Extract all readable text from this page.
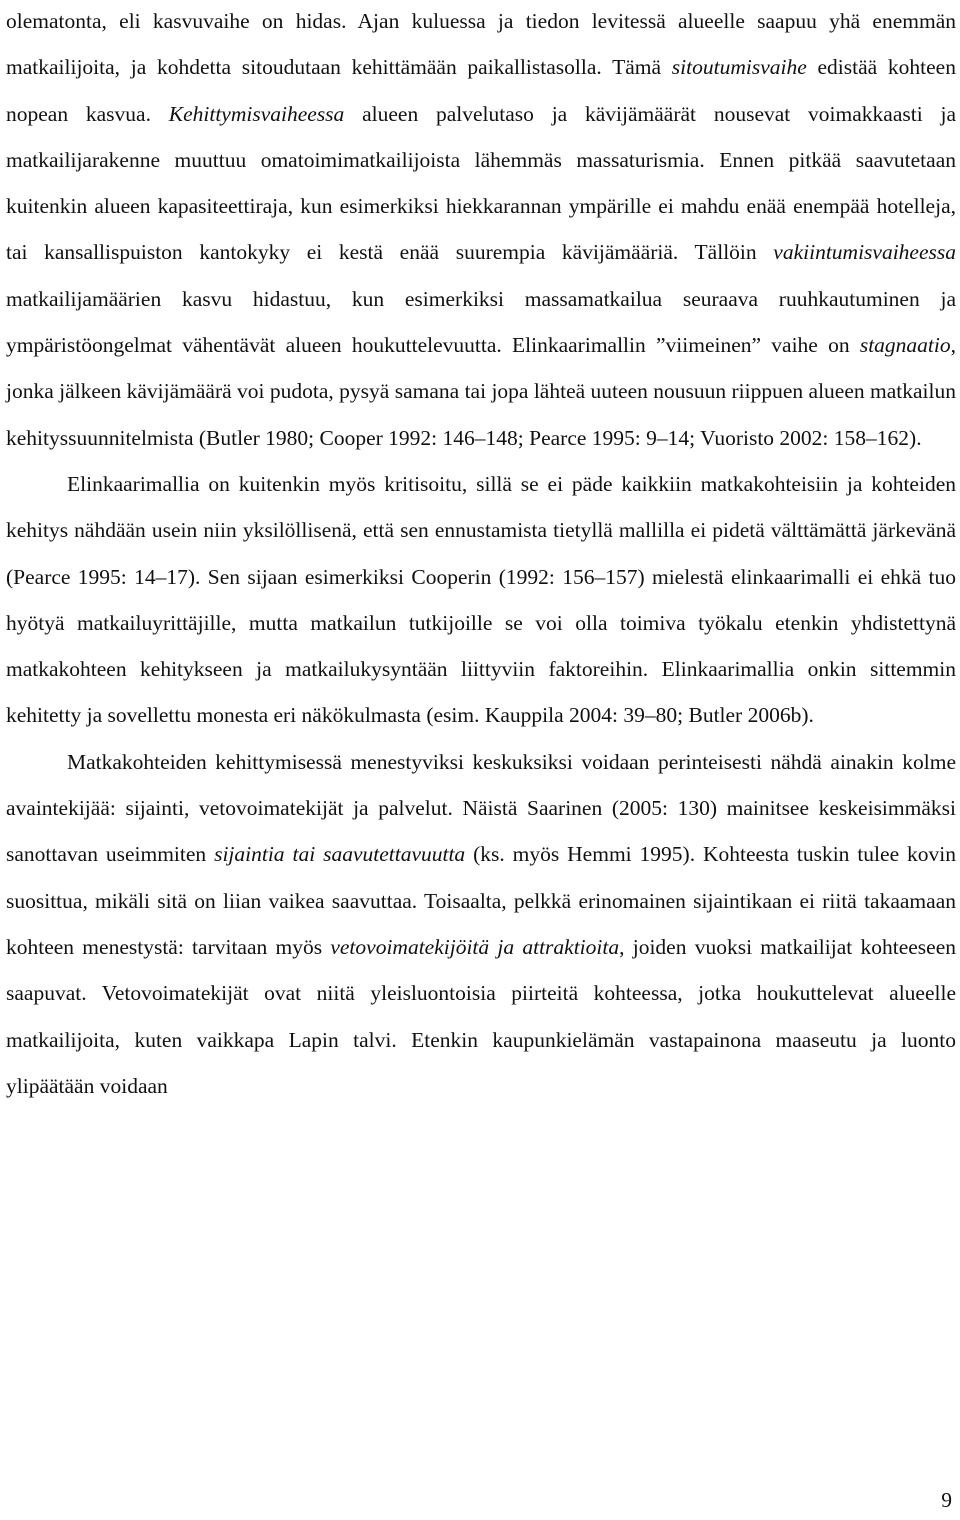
olematonta, eli kasvuvaihe on hidas. Ajan kuluessa ja tiedon levitessä alueelle saapuu yhä enemmän matkailijoita, ja kohdetta sitoudutaan kehittämään paikallistasolla. Tämä sitoutumisvaihe edistää kohteen nopean kasvua. Kehittymisvaiheessa alueen palvelutaso ja kävijämäärät nousevat voimakkaasti ja matkailijarakenne muuttuu omatoimimatkailijoista lähemmäs massaturismia. Ennen pitkää saavutetaan kuitenkin alueen kapasiteettiraja, kun esimerkiksi hiekkarannan ympärille ei mahdu enää enempää hotelleja, tai kansallispuiston kantokyky ei kestä enää suurempia kävijämääriä. Tällöin vakiintumisvaiheessa matkailijamäärien kasvu hidastuu, kun esimerkiksi massamatkailua seuraava ruuhkautuminen ja ympäristöongelmat vähentävät alueen houkuttelevuutta. Elinkaarimallin ”viimeinen” vaihe on stagnaatio, jonka jälkeen kävijämäärä voi pudota, pysyä samana tai jopa lähteä uuteen nousuun riippuen alueen matkailun kehityssuunnitelmista (Butler 1980; Cooper 1992: 146–148; Pearce 1995: 9–14; Vuoristo 2002: 158–162).

Elinkaarimallia on kuitenkin myös kritisoitu, sillä se ei päde kaikkiin matkakohteisiin ja kohteiden kehitys nähdään usein niin yksilöllisenä, että sen ennustamista tietyllä mallilla ei pidetä välttämättä järkevänä (Pearce 1995: 14–17). Sen sijaan esimerkiksi Cooperin (1992: 156–157) mielestä elinkaarimalli ei ehkä tuo hyötyä matkailuyrittäjille, mutta matkailun tutkijoille se voi olla toimiva työkalu etenkin yhdistettynä matkakohteen kehitykseen ja matkailukysyntään liittyviin faktoreihin. Elinkaarimallia onkin sittemmin kehitetty ja sovellettu monesta eri näkökulmasta (esim. Kauppila 2004: 39–80; Butler 2006b).

Matkakohteiden kehittymisessä menestyviksi keskuksiksi voidaan perinteisesti nähdä ainakin kolme avaintekijää: sijainti, vetovoimatekijät ja palvelut. Näistä Saarinen (2005: 130) mainitsee keskeisimmäksi sanottavan useimmiten sijaintia tai saavutettavuutta (ks. myös Hemmi 1995). Kohteesta tuskin tulee kovin suosittua, mikäli sitä on liian vaikea saavuttaa. Toisaalta, pelkkä erinomainen sijaintikaan ei riitä takaamaan kohteen menestystä: tarvitaan myös vetovoimatekijöitä ja attraktioita, joiden vuoksi matkailijat kohteeseen saapuvat. Vetovoimatekijät ovat niitä yleisluontoisia piirteitä kohteessa, jotka houkuttelevat alueelle matkailijoita, kuten vaikkapa Lapin talvi. Etenkin kaupunkielämän vastapainona maaseutu ja luonto ylipäätään voidaan

9
